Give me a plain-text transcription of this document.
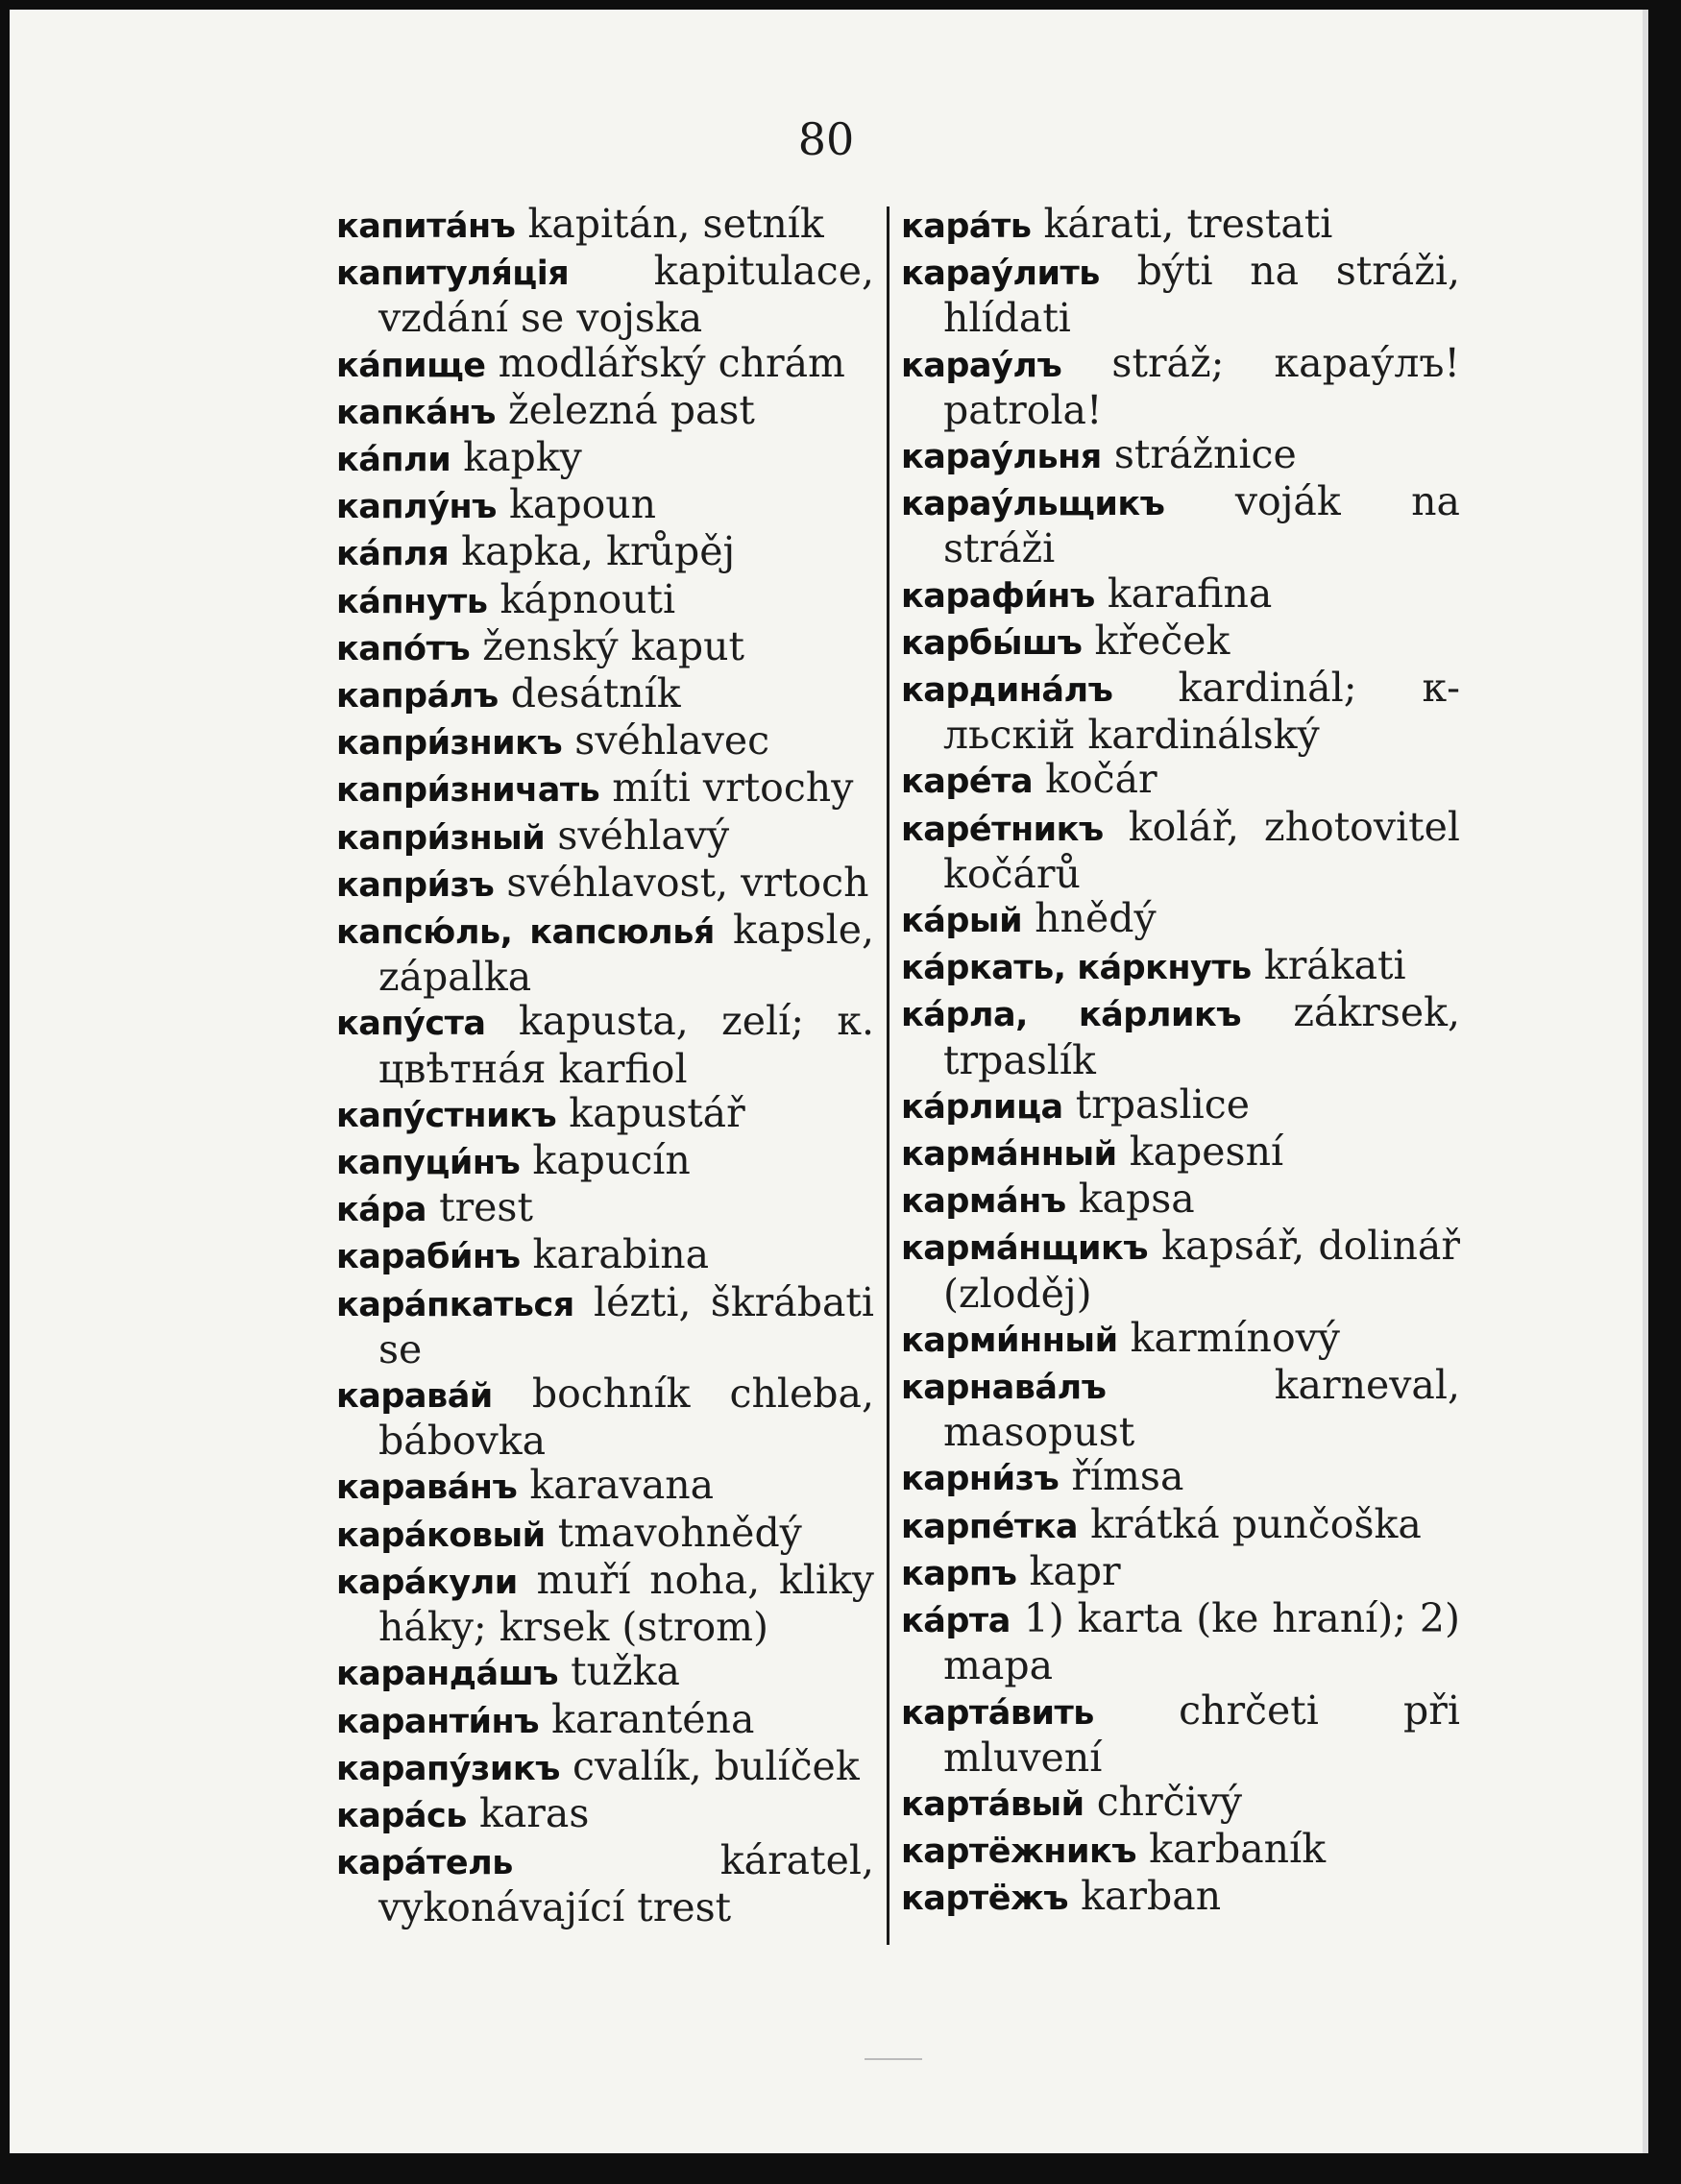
80

капитáнъ kapitán, setník

капитуля́ція kapitulace, vzdání se vojska

кáпище modlářský chrám

капкáнъ železná past

кáпли kapky

каплу́нъ kapoun

кáпля kapka, krůpěj

кáпнуть kápnouti

капóтъ ženský kaput

капрáлъ desátník

капри́зникъ svéhlavec

капри́зничать míti vrtochy

капри́зный svéhlavý

капри́зъ svéhlavost, vrtoch

капсю́ль, капсюлья́ kapsle, zápalka

капу́ста kapusta, zelí; к. цвѣтнáя karfiol

капу́стникъ kapustář

капуци́нъ kapucín

кáра trest

караби́нъ karabina

карáпкаться lézti, škrábati se

каравáй bochník chleba, bábovka

каравáнъ karavana

карáковый tmavohnědý

карáкули muří noha, kliky háky; krsek (strom)

карандáшъ tužka

каранти́нъ karanténa

карапу́зикъ cvalík, bulíček

карáсь karas

карáтель	káratel, vykonávající trest

карáть kárati, trestati

карау́лить býti na stráži, hlídati

карау́лъ stráž; карау́лъ! patrola!

карау́льня strážnice

карау́льщикъ voják na stráži

карафи́нъ karafina

карбы́шъ křeček

кардинáлъ kardinál; к-льскій kardinálský

карéта kočár

карéтникъ kolář, zhotovitel kočárů

кáрый hnědý

кáркать, кáркнуть krákati

кáрла, кáрликъ zákrsek, trpaslík

кáрлица trpaslice

кармáнный kapesní

кармáнъ kapsa

кармáнщикъ kapsář, dolinář (zloděj)

карми́нный karmínový

карнавáлъ	karneval, masopust

карни́зъ římsa

карпéтка krátká punčoška

карпъ kapr

кáрта 1) karta (ke hraní); 2) mapa

картáвить chrčeti při mluvení

картáвый chrčivý

картёжникъ karbaník

картёжъ karban
